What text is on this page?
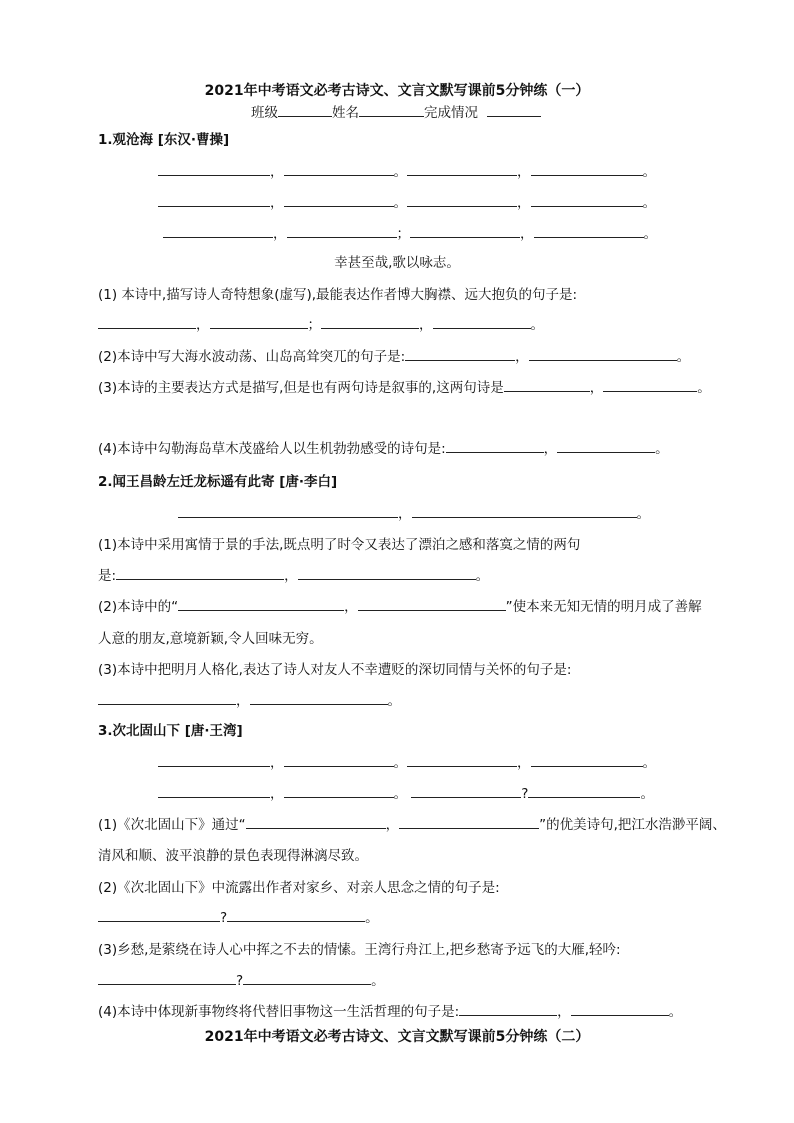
2021年中考语文必考古诗文、文言文默写课前5分钟练（一）
班级	姓名	完成情况
1.观沧海 [东汉·曹操]
，	。	，	。
，	。	，	。
，	；	，	。
幸甚至哉,歌以咏志。
(1) 本诗中,描写诗人奇特想象(虚写),最能表达作者博大胸襟、远大抱负的句子是:
，	；	，	。
(2)本诗中写大海水波动荡、山岛高耸突兀的句子是:	，	。
(3)本诗的主要表达方式是描写,但是也有两句诗是叙事的,这两句诗是	，	。
(4)本诗中勾勒海岛草木茂盛给人以生机勃勃感受的诗句是:	，	。
2.闻王昌龄左迁龙标遥有此寄 [唐·李白]
，	。
(1)本诗中采用寓情于景的手法,既点明了时令又表达了漂泊之感和落寞之情的两句
是:	，	。
(2)本诗中的“	，	”使本来无知无情的明月成了善解
人意的朋友,意境新颖,令人回味无穷。
(3)本诗中把明月人格化,表达了诗人对友人不幸遭贬的深切同情与关怀的句子是:
，	。
3.次北固山下 [唐·王湾]
，	。	，	。
，	。	?	。
(1)《次北固山下》通过“	，	”的优美诗句,把江水浩渺平阔、
清风和顺、波平浪静的景色表现得淋漓尽致。
(2)《次北固山下》中流露出作者对家乡、对亲人思念之情的句子是:
?	。
(3)乡愁,是萦绕在诗人心中挥之不去的情愫。王湾行舟江上,把乡愁寄予远飞的大雁,轻吟:
?	。
(4)本诗中体现新事物终将代替旧事物这一生活哲理的句子是:	，	。
2021年中考语文必考古诗文、文言文默写课前5分钟练（二）
